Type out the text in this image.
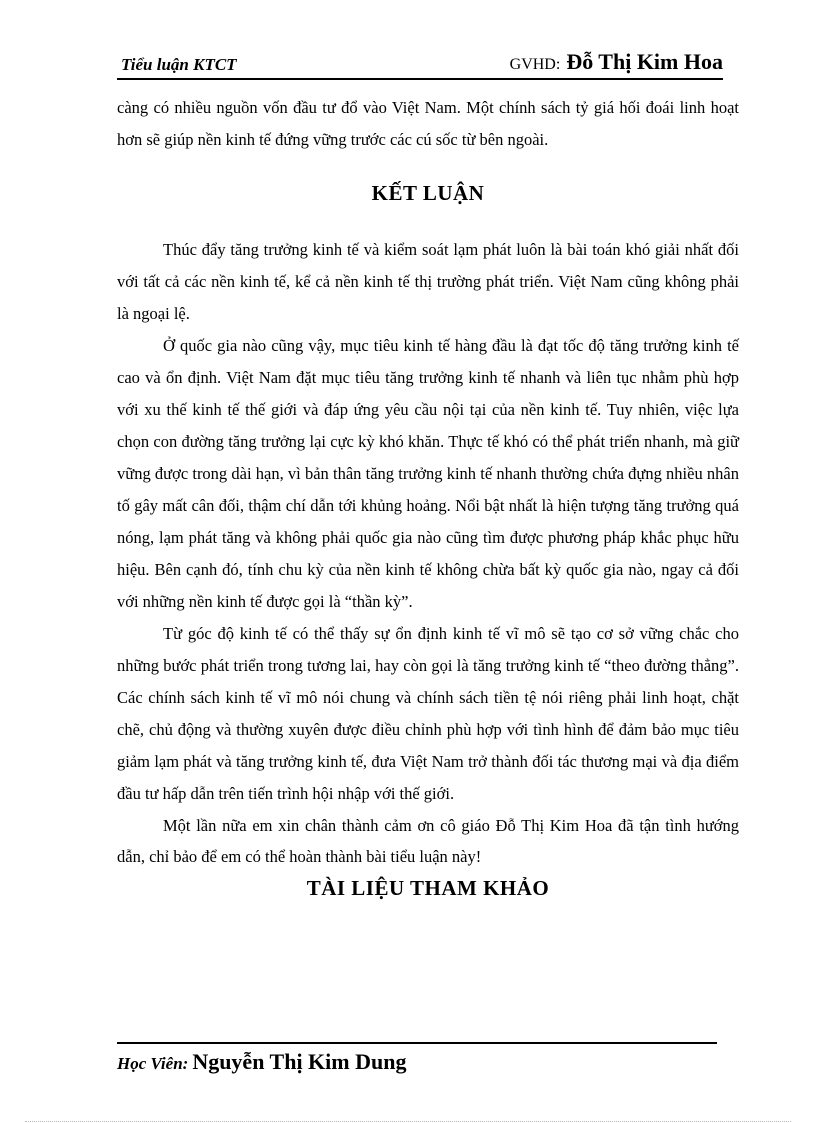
Tiểu luận KTCT	GVHD: Đỗ Thị Kim Hoa

càng có nhiều nguồn vốn đầu tư đổ vào Việt Nam. Một chính sách tỷ giá hối đoái linh hoạt hơn sẽ giúp nền kinh tế đứng vững trước các cú sốc từ bên ngoài.

KẾT LUẬN

Thúc đẩy tăng trưởng kinh tế và kiểm soát lạm phát luôn là bài toán khó giải nhất đối với tất cả các nền kinh tế, kể cả nền kinh tế thị trường phát triển. Việt Nam cũng không phải là ngoại lệ.

Ở quốc gia nào cũng vậy, mục tiêu kinh tế hàng đầu là đạt tốc độ tăng trưởng kinh tế cao và ổn định. Việt Nam đặt mục tiêu tăng trưởng kinh tế nhanh và liên tục nhằm phù hợp với xu thế kinh tế thế giới và đáp ứng yêu cầu nội tại của nền kinh tế. Tuy nhiên, việc lựa chọn con đường tăng trưởng lại cực kỳ khó khăn. Thực tế khó có thể phát triển nhanh, mà giữ vững được trong dài hạn, vì bản thân tăng trưởng kinh tế nhanh thường chứa đựng nhiều nhân tố gây mất cân đối, thậm chí dẫn tới khủng hoảng. Nổi bật nhất là hiện tượng tăng trưởng quá nóng, lạm phát tăng và không phải quốc gia nào cũng tìm được phương pháp khắc phục hữu hiệu. Bên cạnh đó, tính chu kỳ của nền kinh tế không chừa bất kỳ quốc gia nào, ngay cả đối với những nền kinh tế được gọi là “thần kỳ”.

Từ góc độ kinh tế có thể thấy sự ổn định kinh tế vĩ mô sẽ tạo cơ sở vững chắc cho những bước phát triển trong tương lai, hay còn gọi là tăng trưởng kinh tế “theo đường thẳng”. Các chính sách kinh tế vĩ mô nói chung và chính sách tiền tệ nói riêng phải linh hoạt, chặt chẽ, chủ động và thường xuyên được điều chỉnh phù hợp với tình hình để đảm bảo mục tiêu giảm lạm phát và tăng trưởng kinh tế, đưa Việt Nam trở thành đối tác thương mại và địa điểm đầu tư hấp dẫn trên tiến trình hội nhập với thế giới.

Một lần nữa em xin chân thành cảm ơn cô giáo Đỗ Thị Kim Hoa đã tận tình hướng dẫn, chỉ bảo để em có thể hoàn thành bài tiểu luận này!

TÀI LIỆU THAM KHẢO
Học Viên: Nguyễn Thị Kim Dung
